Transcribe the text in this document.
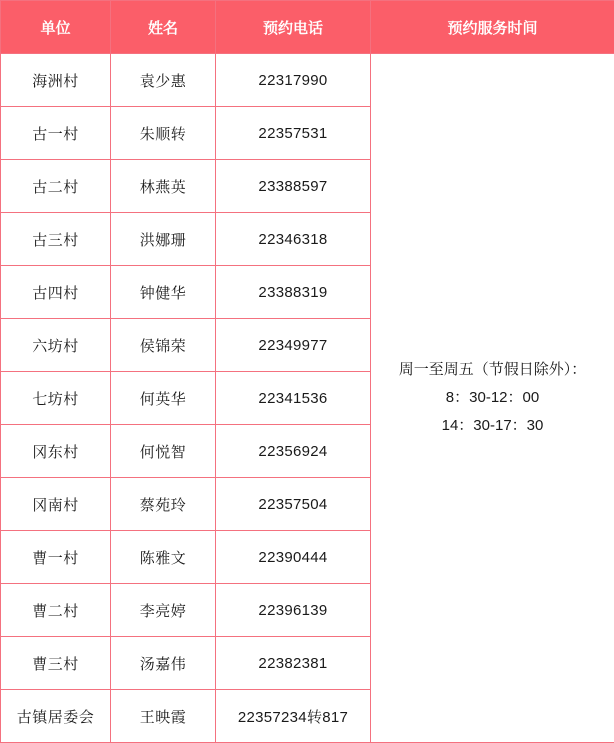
单位	姓名	预约电话	预约服务时间
海洲村	袁少惠	22317990	周一至周五（节假日除外）：
8：30-12：00
14：30-17：30

古一村	朱顺转	22357531	
古二村	林燕英	23388597	
古三村	洪娜珊	22346318	
古四村	钟健华	23388319	
六坊村	侯锦荣	22349977	
七坊村	何英华	22341536	
冈东村	何悦智	22356924	
冈南村	蔡苑玲	22357504	
曹一村	陈雅文	22390444	
曹二村	李亮婷	22396139	
曹三村	汤嘉伟	22382381	
古镇居委会	王映霞	22357234转817	
